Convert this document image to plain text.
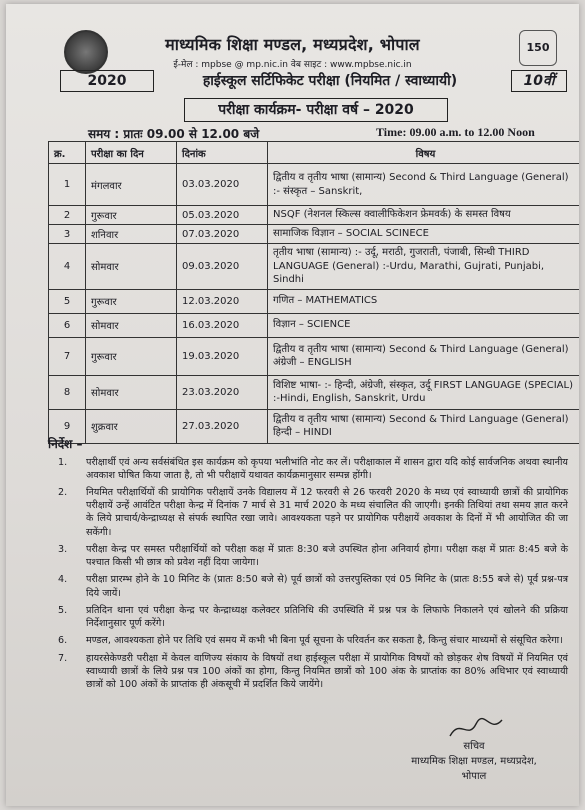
150
माध्यमिक शिक्षा मण्डल, मध्यप्रदेश, भोपाल
ई-मेल : mpbse @ mp.nic.in वेब साइट : www.mpbse.nic.in
2020	हाईस्कूल सर्टिफिकेट परीक्षा (नियमित / स्वाध्यायी)	10वीं
परीक्षा कार्यक्रम- परीक्षा वर्ष – 2020
समय : प्रातः 09.00 से 12.00 बजे	Time: 09.00 a.m. to 12.00 Noon
क्र.	परीक्षा का दिन	दिनांक	विषय
1	मंगलवार	03.03.2020	द्वितीय व तृतीय भाषा (सामान्य) Second & Third Language (General) :- संस्कृत – Sanskrit,
2	गुरूवार	05.03.2020	NSQF (नेशनल स्किल्स क्वालीफिकेशन फ्रेमवर्क) के समस्त विषय
3	शनिवार	07.03.2020	सामाजिक विज्ञान – SOCIAL SCINECE
4	सोमवार	09.03.2020	तृतीय भाषा (सामान्य) :- उर्दू, मराठी, गुजराती, पंजाबी, सिन्धी THIRD LANGUAGE (General) :-Urdu, Marathi, Gujrati, Punjabi, Sindhi
5	गुरूवार	12.03.2020	गणित – MATHEMATICS
6	सोमवार	16.03.2020	विज्ञान – SCIENCE
7	गुरूवार	19.03.2020	द्वितीय व तृतीय भाषा (सामान्य) Second & Third Language (General) अंग्रेजी – ENGLISH
8	सोमवार	23.03.2020	विशिष्ट भाषा- :- हिन्दी, अंग्रेजी, संस्कृत, उर्दू FIRST LANGUAGE (SPECIAL) :-Hindi, English, Sanskrit, Urdu
9	शुक्रवार	27.03.2020	द्वितीय व तृतीय भाषा (सामान्य) Second & Third Language (General) हिन्दी – HINDI
निर्देश –
1.	परीक्षार्थी एवं अन्य सर्वसंबंधित इस कार्यक्रम को कृपया भलीभांति नोट कर लें। परीक्षाकाल में शासन द्वारा यदि कोई सार्वजनिक अथवा स्थानीय अवकाश घोषित किया जाता है, तो भी परीक्षायें यथावत कार्यक्रमानुसार सम्पन्न होंगी।
2.	नियमित परीक्षार्थियों की प्रायोगिक परीक्षायें उनके विद्यालय में 12 फरवरी से 26 फरवरी 2020 के मध्य एवं स्वाध्यायी छात्रों की प्रायोगिक परीक्षायें उन्हें आवंटित परीक्षा केन्द्र में दिनांक 7 मार्च से 31 मार्च 2020 के मध्य संचालित की जाएगी। इनकी तिथियां तथा समय ज्ञात करने के लिये प्राचार्य/केन्द्राध्यक्ष से संपर्क स्थापित रखा जावे। आवश्यकता पड़ने पर प्रायोगिक परीक्षायें अवकाश के दिनों में भी आयोजित की जा सकेंगी।
3.	परीक्षा केन्द्र पर समस्त परीक्षार्थियों को परीक्षा कक्ष में प्रातः 8:30 बजे उपस्थित होना अनिवार्य होगा। परीक्षा कक्ष में प्रातः 8:45 बजे के पश्चात किसी भी छात्र को प्रवेश नहीं दिया जायेगा।
4.	परीक्षा प्रारम्भ होने के 10 मिनिट के (प्रातः 8:50 बजे से) पूर्व छात्रों को उत्तरपुस्तिका एवं 05 मिनिट के (प्रातः 8:55 बजे से) पूर्व प्रश्न-पत्र दिये जायें।
5.	प्रतिदिन थाना एवं परीक्षा केन्द्र पर केन्द्राध्यक्ष कलेक्टर प्रतिनिधि की उपस्थिति में प्रश्न पत्र के लिफाफे निकालने एवं खोलने की प्रक्रिया निर्देशानुसार पूर्ण करेंगे।
6.	मण्डल, आवश्यकता होने पर तिथि एवं समय में कभी भी बिना पूर्व सूचना के परिवर्तन कर सकता है, किन्तु संचार माध्यमों से संसूचित करेगा।
7.	हायरसेकेण्डरी परीक्षा में केवल वाणिज्य संकाय के विषयों तथा हाईस्कूल परीक्षा में प्रायोगिक विषयों को छोड़कर शेष विषयों में नियमित एवं स्वाध्यायी छात्रों के लिये प्रश्न पत्र 100 अंकों का होगा, किन्तु नियमित छात्रों को 100 अंक के प्राप्तांक का 80% अधिभार एवं स्वाध्यायी छात्रों को 100 अंकों के प्राप्तांक ही अंकसूची में प्रदर्शित किये जायेंगे।
सचिव
माध्यमिक शिक्षा मण्डल, मध्यप्रदेश,
भोपाल
